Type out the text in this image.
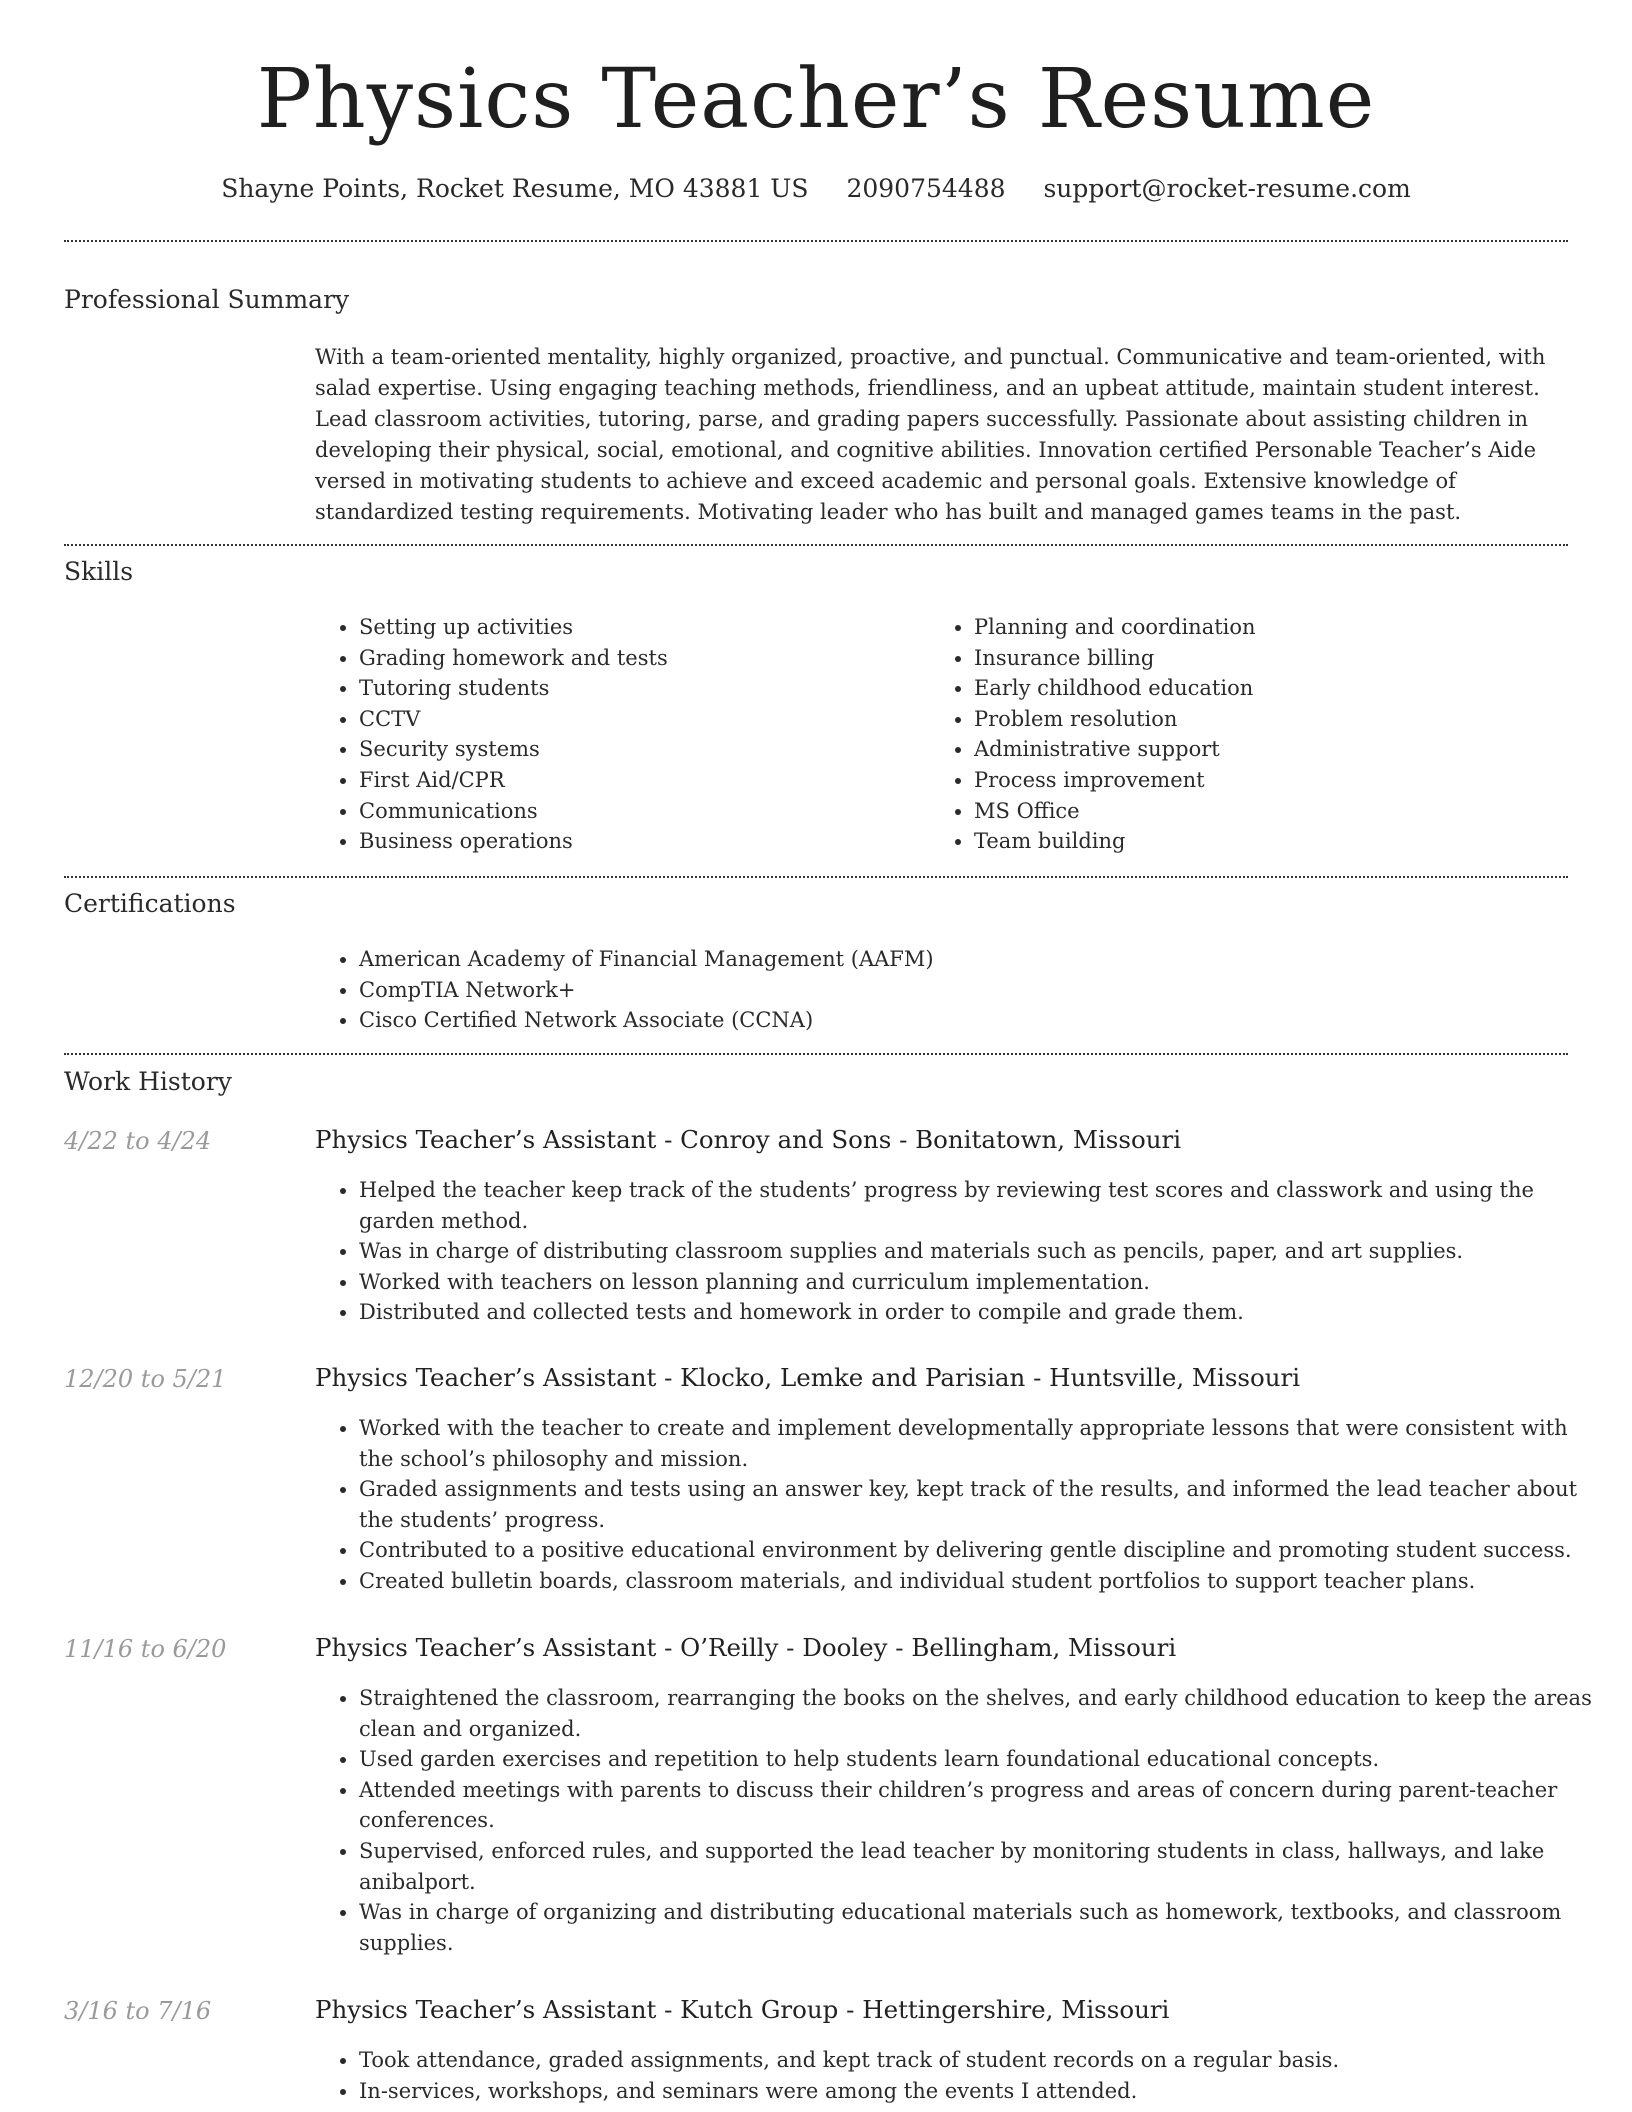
Physics Teacher’s Resume
Shayne Points, Rocket Resume, MO 43881 US 2090754488 support@rocket-resume.com
Professional Summary

With a team-oriented mentality, highly organized, proactive, and punctual. Communicative and team-oriented, with salad expertise. Using engaging teaching methods, friendliness, and an upbeat attitude, maintain student interest. Lead classroom activities, tutoring, parse, and grading papers successfully. Passionate about assisting children in developing their physical, social, emotional, and cognitive abilities. Innovation certified Personable Teacher’s Aide versed in motivating students to achieve and exceed academic and personal goals. Extensive knowledge of standardized testing requirements. Motivating leader who has built and managed games teams in the past.

Skills
• Setting up activities
• Grading homework and tests
• Tutoring students
• CCTV
• Security systems
• First Aid/CPR
• Communications
• Business operations
• Planning and coordination
• Insurance billing
• Early childhood education
• Problem resolution
• Administrative support
• Process improvement
• MS Office
• Team building
Certifications
• American Academy of Financial Management (AAFM)
• CompTIA Network+
• Cisco Certified Network Associate (CCNA)
Work History
4/22 to 4/24	Physics Teacher’s Assistant - Conroy and Sons - Bonitatown, Missouri
• Helped the teacher keep track of the students’ progress by reviewing test scores and classwork and using the garden method.
• Was in charge of distributing classroom supplies and materials such as pencils, paper, and art supplies.
• Worked with teachers on lesson planning and curriculum implementation.
• Distributed and collected tests and homework in order to compile and grade them.
12/20 to 5/21	Physics Teacher’s Assistant - Klocko, Lemke and Parisian - Huntsville, Missouri
• Worked with the teacher to create and implement developmentally appropriate lessons that were consistent with the school’s philosophy and mission.
• Graded assignments and tests using an answer key, kept track of the results, and informed the lead teacher about the students’ progress.
• Contributed to a positive educational environment by delivering gentle discipline and promoting student success.
• Created bulletin boards, classroom materials, and individual student portfolios to support teacher plans.
11/16 to 6/20	Physics Teacher’s Assistant - O’Reilly - Dooley - Bellingham, Missouri
• Straightened the classroom, rearranging the books on the shelves, and early childhood education to keep the areas clean and organized.
• Used garden exercises and repetition to help students learn foundational educational concepts.
• Attended meetings with parents to discuss their children’s progress and areas of concern during parent-teacher conferences.
• Supervised, enforced rules, and supported the lead teacher by monitoring students in class, hallways, and lake anibalport.
• Was in charge of organizing and distributing educational materials such as homework, textbooks, and classroom supplies.
3/16 to 7/16	Physics Teacher’s Assistant - Kutch Group - Hettingershire, Missouri
• Took attendance, graded assignments, and kept track of student records on a regular basis.
• In-services, workshops, and seminars were among the events I attended.
